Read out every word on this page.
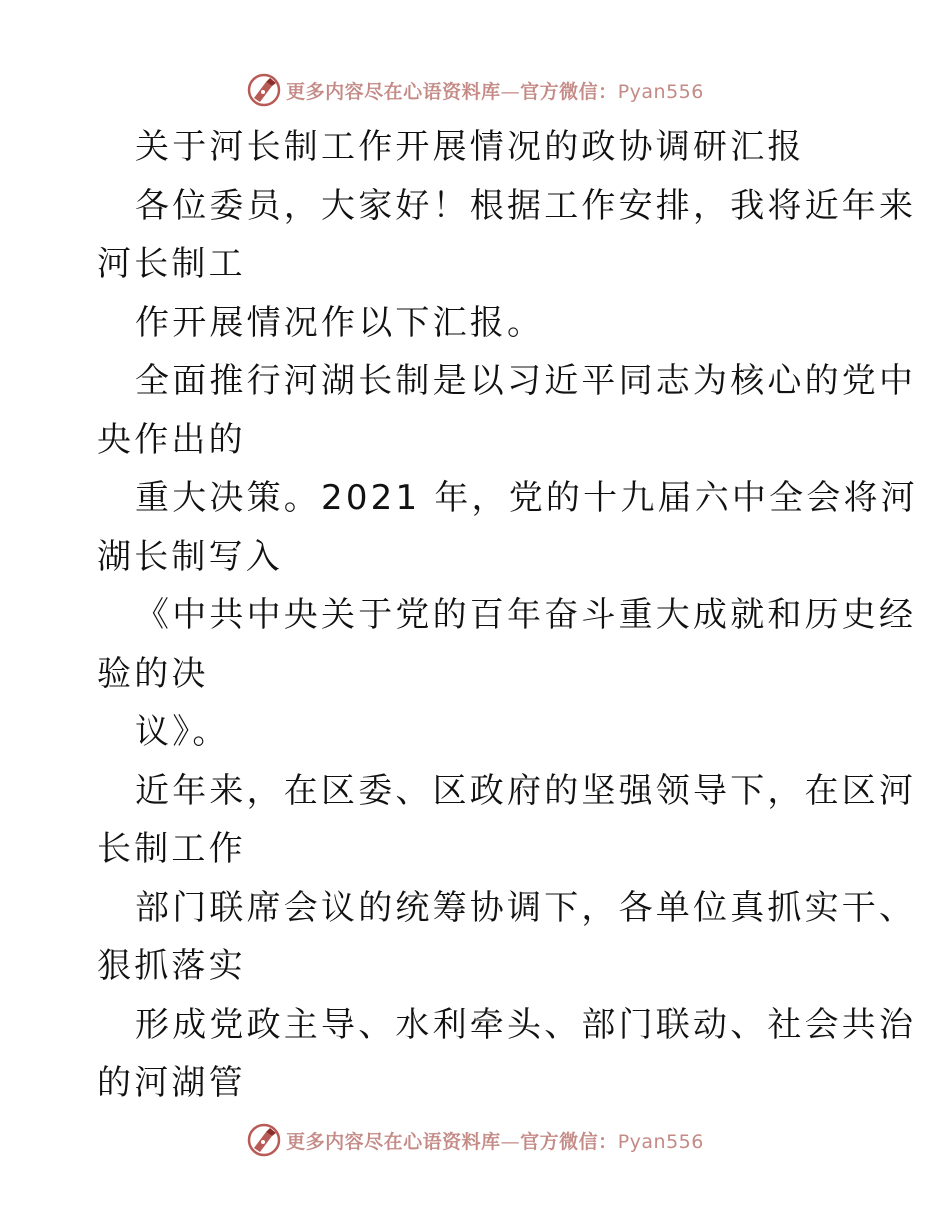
更多内容尽在心语资料库—官方微信：Pyan556
关于河长制工作开展情况的政协调研汇报
各位委员，大家好！根据工作安排，我将近年来
河长制工
作开展情况作以下汇报。
全面推行河湖长制是以习近平同志为核心的党中
央作出的
重大决策。2021 年，党的十九届六中全会将河
湖长制写入
《中共中央关于党的百年奋斗重大成就和历史经
验的决
议》。
近年来，在区委、区政府的坚强领导下，在区河
长制工作
部门联席会议的统筹协调下，各单位真抓实干、
狠抓落实
形成党政主导、水利牵头、部门联动、社会共治
的河湖管
更多内容尽在心语资料库—官方微信：Pyan556
